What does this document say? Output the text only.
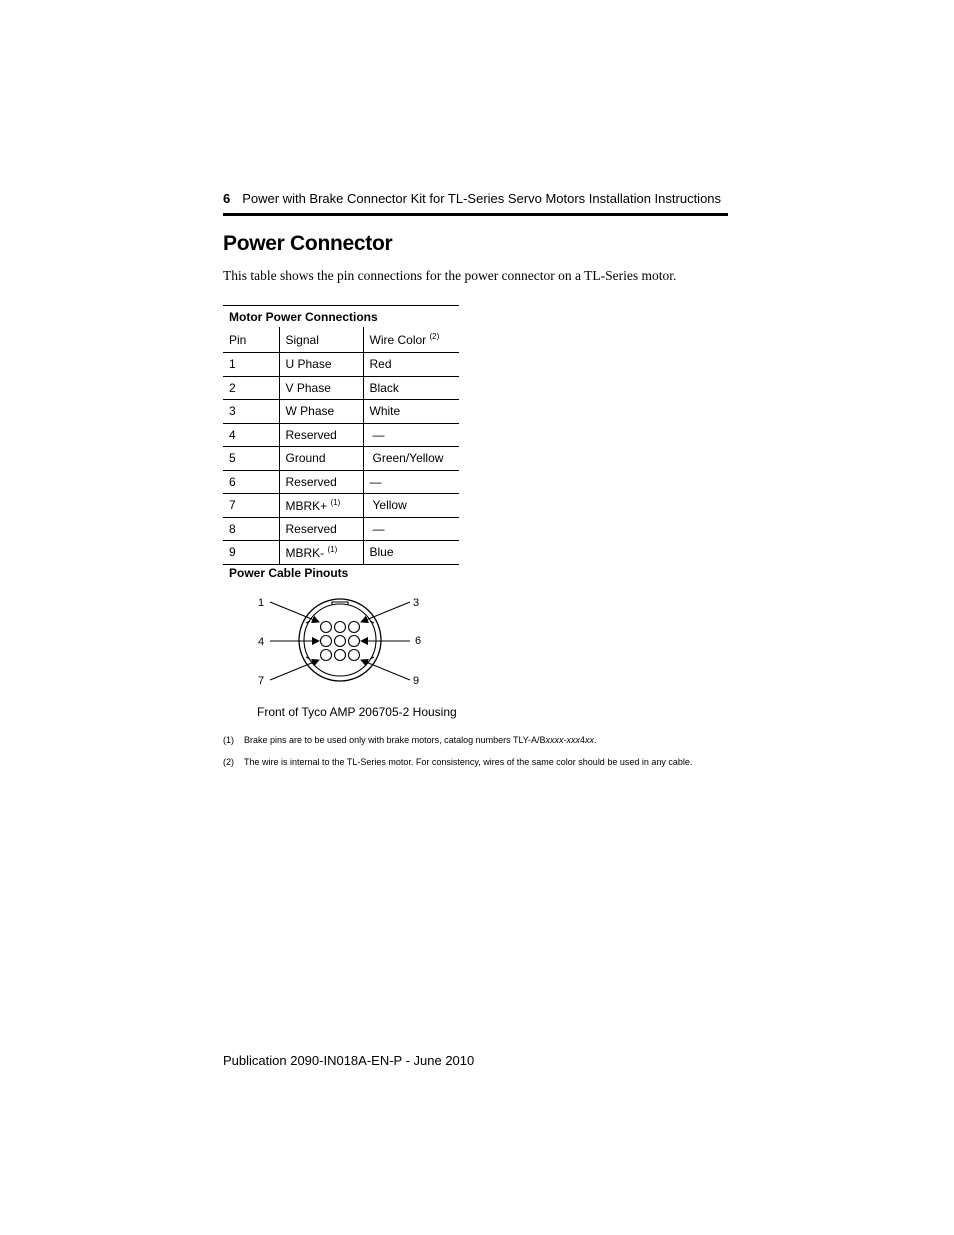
6 Power with Brake Connector Kit for TL-Series Servo Motors Installation Instructions
Power Connector

This table shows the pin connections for the power connector on a TL-Series motor.

Motor Power Connections		
Pin	Signal	Wire Color $^{(2)}$
1	U Phase	Red
2	V Phase	Black
3	W Phase	White
4	Reserved	—
5	Ground	Green/Yellow
6	Reserved	—
7	MBRK+ $^{(1)}$	Yellow
8	Reserved	—
9	MBRK- $^{(1)}$	Blue
Power Cable Pinouts
1	3
4	6
7	9
Front of Tyco AMP 206705-2 Housing
(1) Brake pins are to be used only with brake motors, catalog numbers TLY-A/Bxxxx-xxx4xx.
(2) The wire is internal to the TL-Series motor. For consistency, wires of the same color should be used in any cable.
Publication 2090-IN018A-EN-P - June 2010
